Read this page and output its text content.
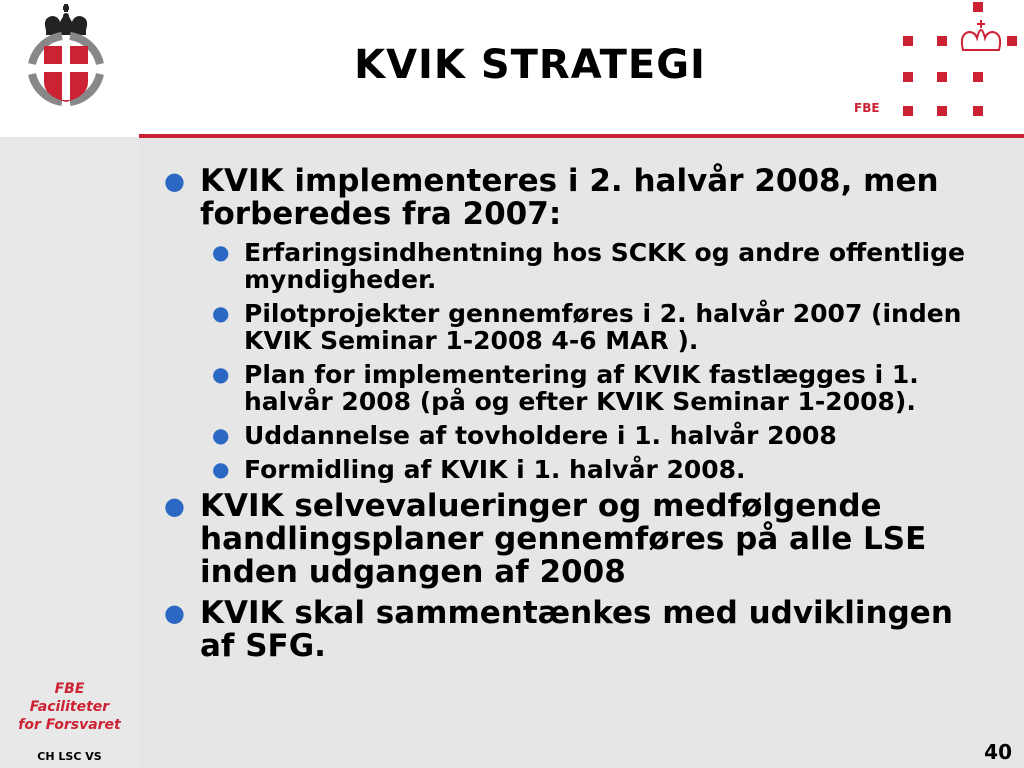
KVIK STRATEGI
FBE
● KVIK implementeres i 2. halvår 2008, men forberedes fra 2007:
● Erfaringsindhentning hos SCKK og andre offentlige myndigheder.
● Pilotprojekter gennemføres i 2. halvår 2007 (inden KVIK Seminar 1-2008 4-6 MAR ).
● Plan for implementering af KVIK fastlægges i 1. halvår 2008 (på og efter KVIK Seminar 1-2008).
● Uddannelse af tovholdere i 1. halvår 2008
● Formidling af KVIK i 1. halvår 2008.
● KVIK selvevalueringer og medfølgende handlingsplaner gennemføres på alle LSE inden udgangen af 2008
● KVIK skal sammentænkes med udviklingen af SFG.
FBE
Faciliteter
for Forsvaret
CH LSC VS	40
